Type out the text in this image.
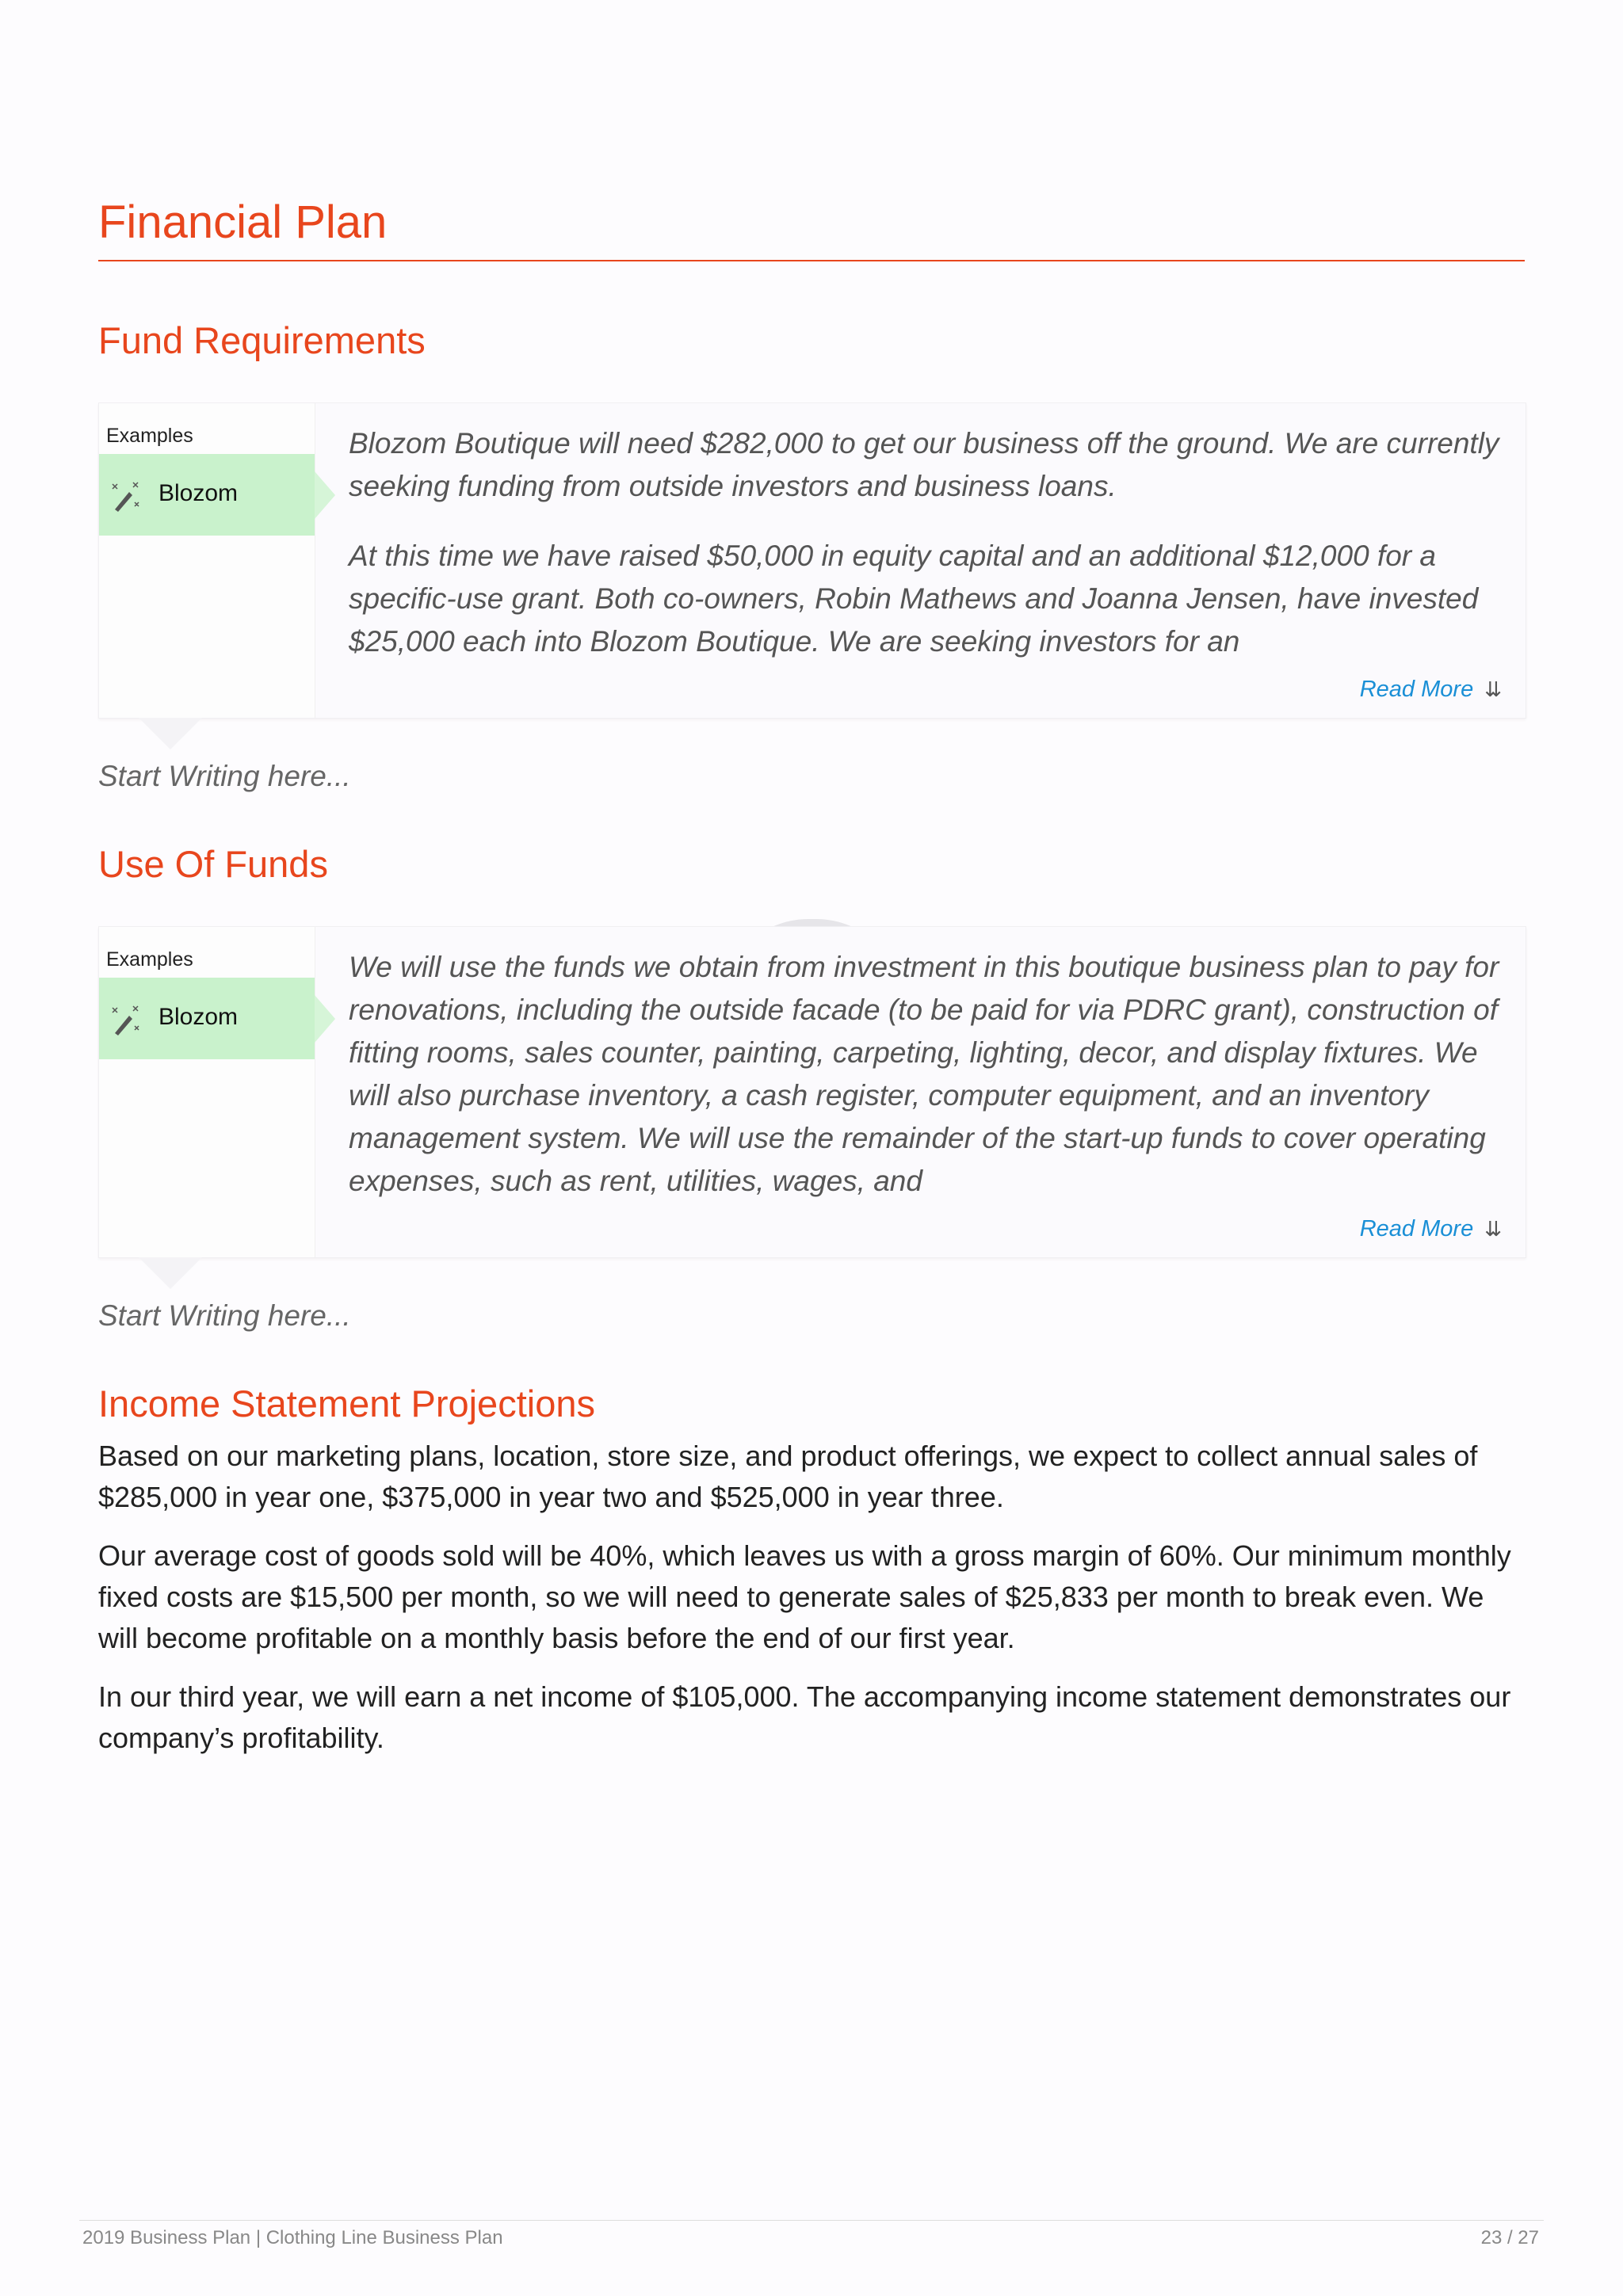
Financial Plan
Fund Requirements
Examples
Blozom

Blozom Boutique will need $282,000 to get our business off the ground. We are currently seeking funding from outside investors and business loans.

At this time we have raised $50,000 in equity capital and an additional $12,000 for a specific-use grant. Both co-owners, Robin Mathews and Joanna Jensen, have invested $25,000 each into Blozom Boutique. We are seeking investors for an

Read More ⇊
Start Writing here...
Use Of Funds
Examples
Blozom

We will use the funds we obtain from investment in this boutique business plan to pay for renovations, including the outside facade (to be paid for via PDRC grant), construction of fitting rooms, sales counter, painting, carpeting, lighting, decor, and display fixtures. We will also purchase inventory, a cash register, computer equipment, and an inventory management system. We will use the remainder of the start-up funds to cover operating expenses, such as rent, utilities, wages, and

Read More ⇊
Start Writing here...
Income Statement Projections

Based on our marketing plans, location, store size, and product offerings, we expect to collect annual sales of $285,000 in year one, $375,000 in year two and $525,000 in year three.

Our average cost of goods sold will be 40%, which leaves us with a gross margin of 60%. Our minimum monthly fixed costs are $15,500 per month, so we will need to generate sales of $25,833 per month to break even. We will become profitable on a monthly basis before the end of our first year.

In our third year, we will earn a net income of $105,000. The accompanying income statement demonstrates our company’s profitability.

2019 Business Plan | Clothing Line Business Plan	23 / 27
